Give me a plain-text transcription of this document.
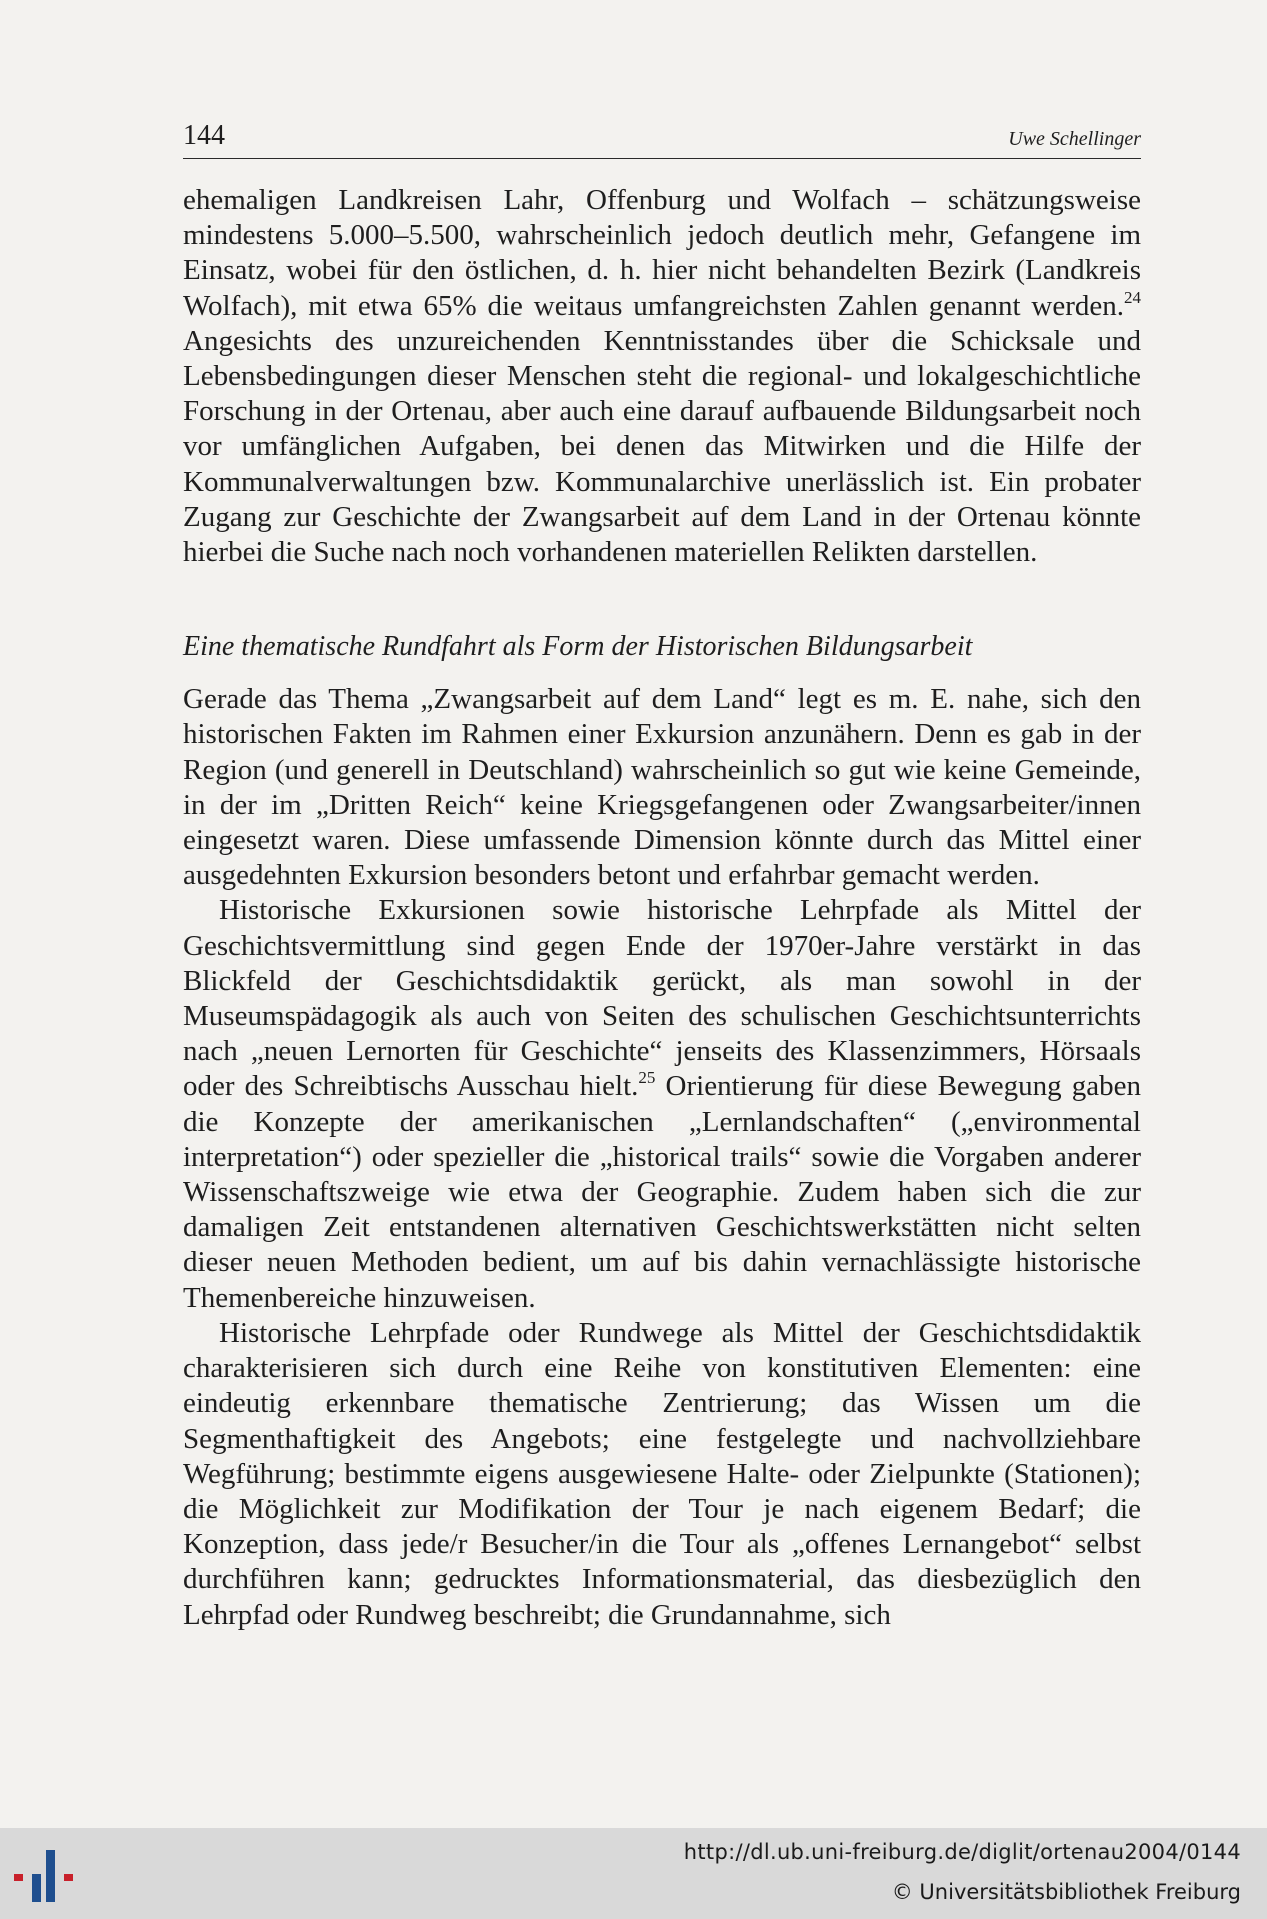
144	Uwe Schellinger

ehemaligen Landkreisen Lahr, Offenburg und Wolfach – schätzungsweise mindestens 5.000–5.500, wahrscheinlich jedoch deutlich mehr, Gefangene im Einsatz, wobei für den östlichen, d. h. hier nicht behandelten Bezirk (Landkreis Wolfach), mit etwa 65% die weitaus umfangreichsten Zahlen genannt werden.$^{24}$ Angesichts des unzureichenden Kenntnisstandes über die Schicksale und Lebensbedingungen dieser Menschen steht die regional- und lokalgeschichtliche Forschung in der Ortenau, aber auch eine darauf aufbauende Bildungsarbeit noch vor umfänglichen Aufgaben, bei denen das Mitwirken und die Hilfe der Kommunalverwaltungen bzw. Kommunalarchive unerlässlich ist. Ein probater Zugang zur Geschichte der Zwangsarbeit auf dem Land in der Ortenau könnte hierbei die Suche nach noch vorhandenen materiellen Relikten darstellen.

Eine thematische Rundfahrt als Form der Historischen Bildungsarbeit

Gerade das Thema „Zwangsarbeit auf dem Land“ legt es m. E. nahe, sich den historischen Fakten im Rahmen einer Exkursion anzunähern. Denn es gab in der Region (und generell in Deutschland) wahrscheinlich so gut wie keine Gemeinde, in der im „Dritten Reich“ keine Kriegsgefangenen oder Zwangsarbeiter/innen eingesetzt waren. Diese umfassende Dimension könnte durch das Mittel einer ausgedehnten Exkursion besonders betont und erfahrbar gemacht werden.

Historische Exkursionen sowie historische Lehrpfade als Mittel der Geschichtsvermittlung sind gegen Ende der 1970er-Jahre verstärkt in das Blickfeld der Geschichtsdidaktik gerückt, als man sowohl in der Museumspädagogik als auch von Seiten des schulischen Geschichtsunterrichts nach „neuen Lernorten für Geschichte“ jenseits des Klassenzimmers, Hörsaals oder des Schreibtischs Ausschau hielt.$^{25}$ Orientierung für diese Bewegung gaben die Konzepte der amerikanischen „Lernlandschaften“ („environmental interpretation“) oder spezieller die „historical trails“ sowie die Vorgaben anderer Wissenschaftszweige wie etwa der Geographie. Zudem haben sich die zur damaligen Zeit entstandenen alternativen Geschichtswerkstätten nicht selten dieser neuen Methoden bedient, um auf bis dahin vernachlässigte historische Themenbereiche hinzuweisen.

Historische Lehrpfade oder Rundwege als Mittel der Geschichtsdidaktik charakterisieren sich durch eine Reihe von konstitutiven Elementen: eine eindeutig erkennbare thematische Zentrierung; das Wissen um die Segmenthaftigkeit des Angebots; eine festgelegte und nachvollziehbare Wegführung; bestimmte eigens ausgewiesene Halte- oder Zielpunkte (Stationen); die Möglichkeit zur Modifikation der Tour je nach eigenem Bedarf; die Konzeption, dass jede/r Besucher/in die Tour als „offenes Lernangebot“ selbst durchführen kann; gedrucktes Informationsmaterial, das diesbezüglich den Lehrpfad oder Rundweg beschreibt; die Grundannahme, sich

http://dl.ub.uni-freiburg.de/diglit/ortenau2004/0144
© Universitätsbibliothek Freiburg
